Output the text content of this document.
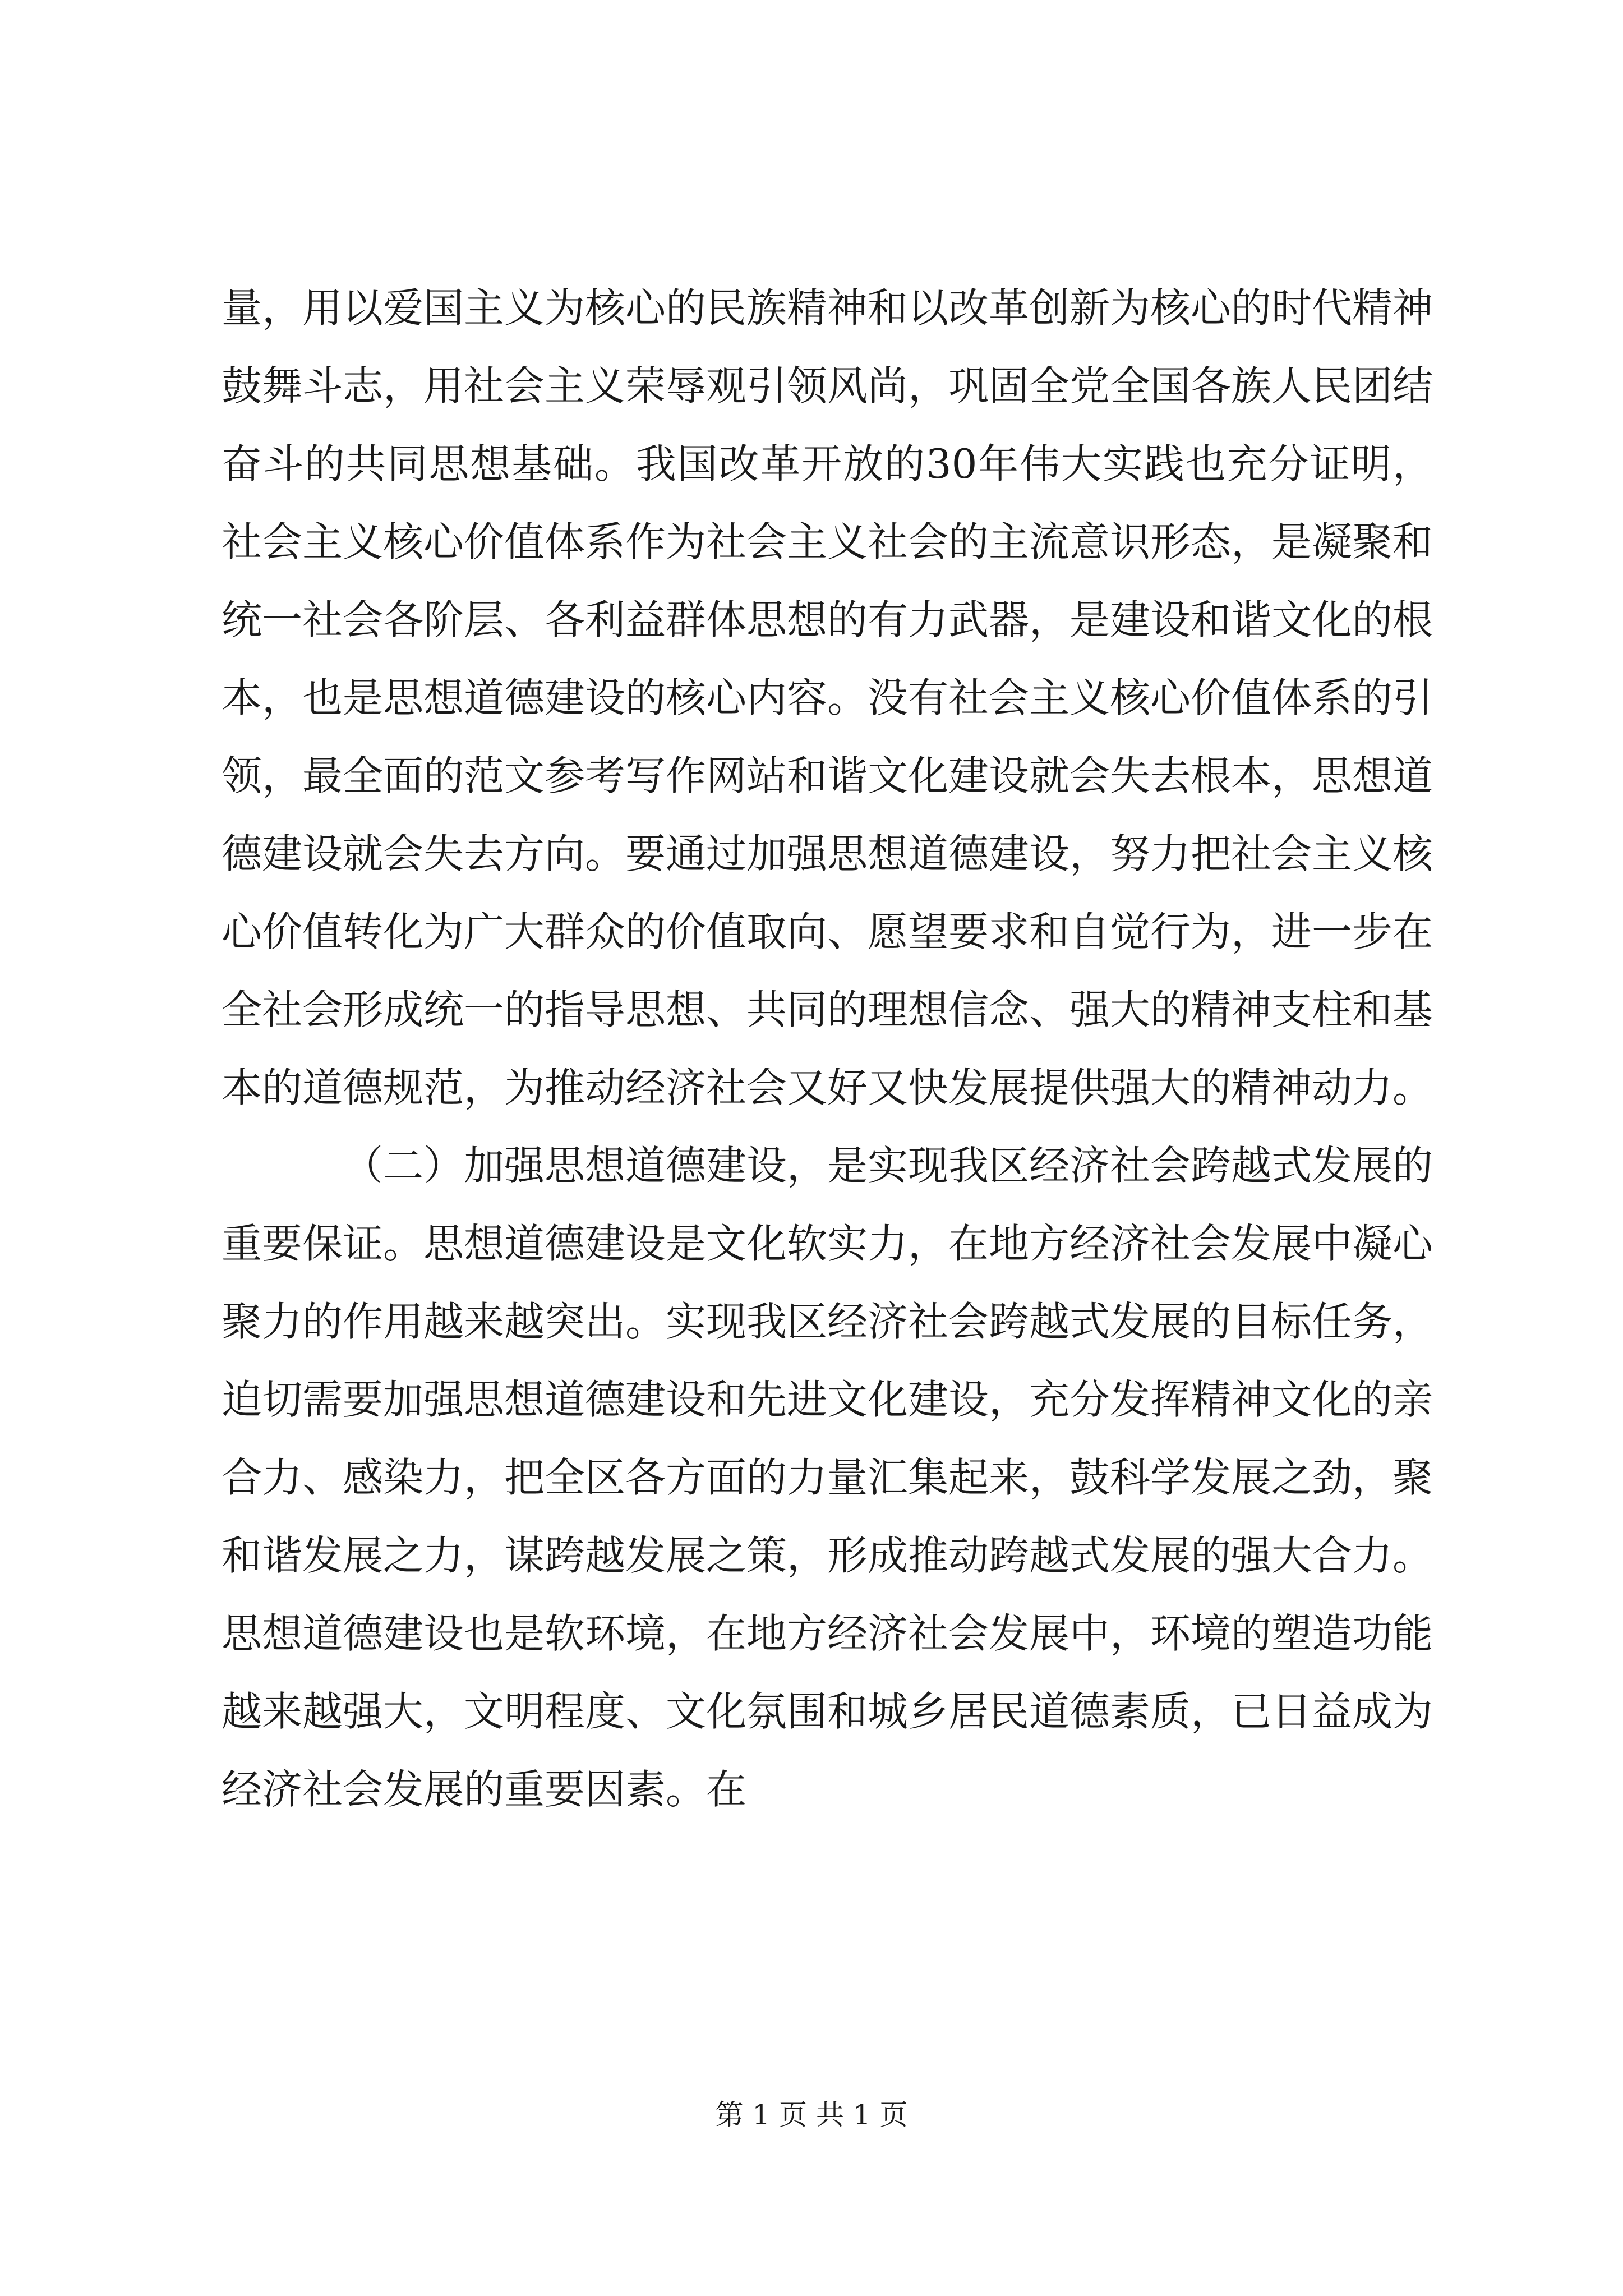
量，用以爱国主义为核心的民族精神和以改革创新为核心的时代精神鼓舞斗志，用社会主义荣辱观引领风尚，巩固全党全国各族人民团结奋斗的共同思想基础。我国改革开放的30年伟大实践也充分证明，社会主义核心价值体系作为社会主义社会的主流意识形态，是凝聚和统一社会各阶层、各利益群体思想的有力武器，是建设和谐文化的根本，也是思想道德建设的核心内容。没有社会主义核心价值体系的引领，最全面的范文参考写作网站和谐文化建设就会失去根本，思想道德建设就会失去方向。要通过加强思想道德建设，努力把社会主义核心价值转化为广大群众的价值取向、愿望要求和自觉行为，进一步在全社会形成统一的指导思想、共同的理想信念、强大的精神支柱和基本的道德规范，为推动经济社会又好又快发展提供强大的精神动力。

（二）加强思想道德建设，是实现我区经济社会跨越式发展的重要保证。思想道德建设是文化软实力，在地方经济社会发展中凝心聚力的作用越来越突出。实现我区经济社会跨越式发展的目标任务，迫切需要加强思想道德建设和先进文化建设，充分发挥精神文化的亲合力、感染力，把全区各方面的力量汇集起来，鼓科学发展之劲，聚和谐发展之力，谋跨越发展之策，形成推动跨越式发展的强大合力。思想道德建设也是软环境，在地方经济社会发展中，环境的塑造功能越来越强大，文明程度、文化氛围和城乡居民道德素质，已日益成为经济社会发展的重要因素。在

第 1 页 共 1 页
